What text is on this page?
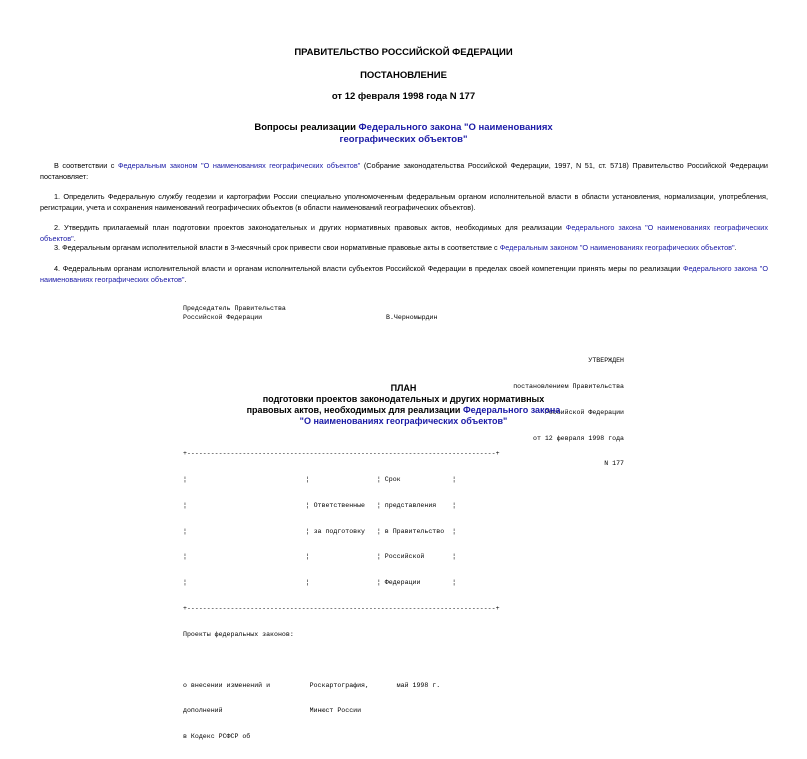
ПРАВИТЕЛЬСТВО РОССИЙСКОЙ ФЕДЕРАЦИИ
ПОСТАНОВЛЕНИЕ
от 12 февраля 1998 года N 177
Вопросы реализации Федерального закона "О наименованиях
географических объектов"
В соответствии с Федеральным законом "О наименованиях географических объектов" (Собрание законодательства Российской Федерации, 1997, N 51, ст. 5718) Правительство Российской Федерации постановляет:
1. Определить Федеральную службу геодезии и картографии России специально уполномоченным федеральным органом исполнительной власти в области установления, нормализации, употребления, регистрации, учета и сохранения наименований географических объектов (в области наименований географических объектов).
2. Утвердить прилагаемый план подготовки проектов законодательных и других нормативных правовых актов, необходимых для реализации Федерального закона "О наименованиях географических объектов".
3. Федеральным органам исполнительной власти в 3-месячный срок привести свои нормативные правовые акты в соответствие с Федеральным законом "О наименованиях географических объектов".
4. Федеральным органам исполнительной власти и органам исполнительной власти субъектов Российской Федерации в пределах своей компетенции принять меры по реализации Федерального закона "О наименованиях географических объектов".
Председатель Правительства
Российской Федерации	В.Черномырдин

УТВЕРЖДЕН

постановлением Правительства

Российской Федерации

от 12 февраля 1998 года

N 177

ПЛАН
подготовки проектов законодательных и других нормативных
правовых актов, необходимых для реализации Федерального закона
"О наименованиях географических объектов"

+------------------------------------------------------------------------------+

¦                              ¦                 ¦ Срок             ¦

¦                              ¦ Ответственные   ¦ представления    ¦

¦                              ¦ за подготовку   ¦ в Правительство  ¦

¦                              ¦                 ¦ Российской       ¦

¦                              ¦                 ¦ Федерации        ¦

+------------------------------------------------------------------------------+

Проекты федеральных законов:

о внесении изменений и          Роскартография,       май 1998 г.

дополнений                      Минюст России

в Кодекс РСФСР об
